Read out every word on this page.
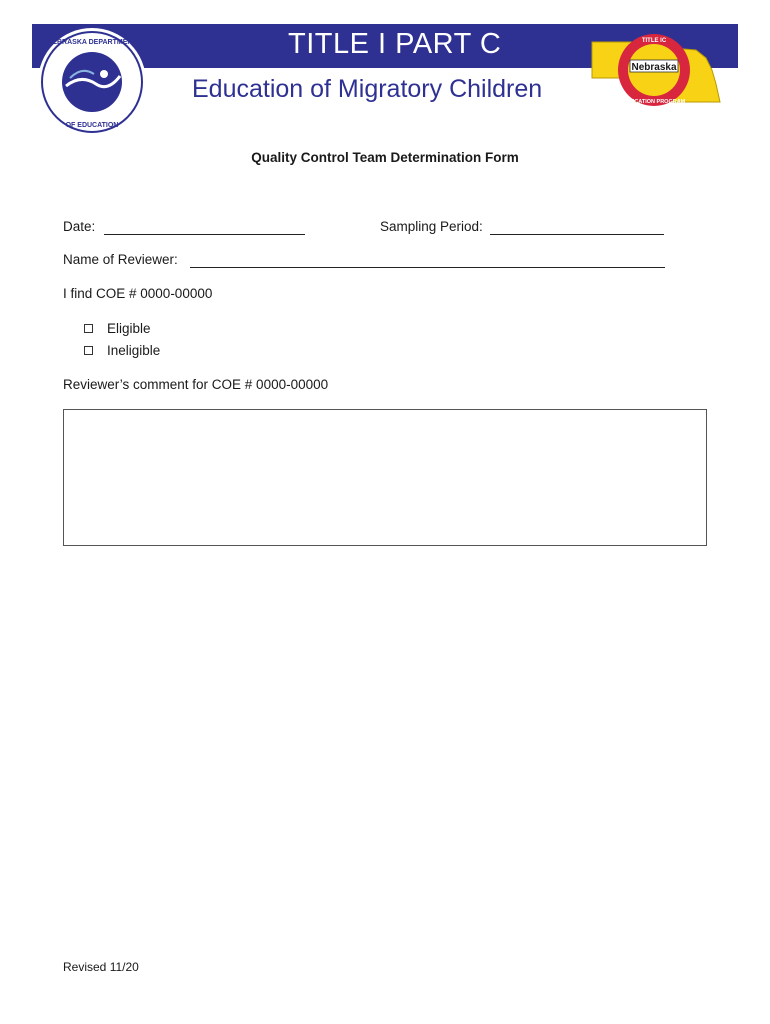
NEBRASKA DEPARTMENT
OF EDUCATION
TITLE I PART C
Education of Migratory Children
Nebraska
TITLE IC
EDUCATION PROGRAM
Quality Control Team Determination Form
Date:	Sampling Period:
Name of Reviewer:
I find COE # 0000-00000
Eligible
Ineligible
Reviewer’s comment for COE # 0000-00000
Revised 11/20
